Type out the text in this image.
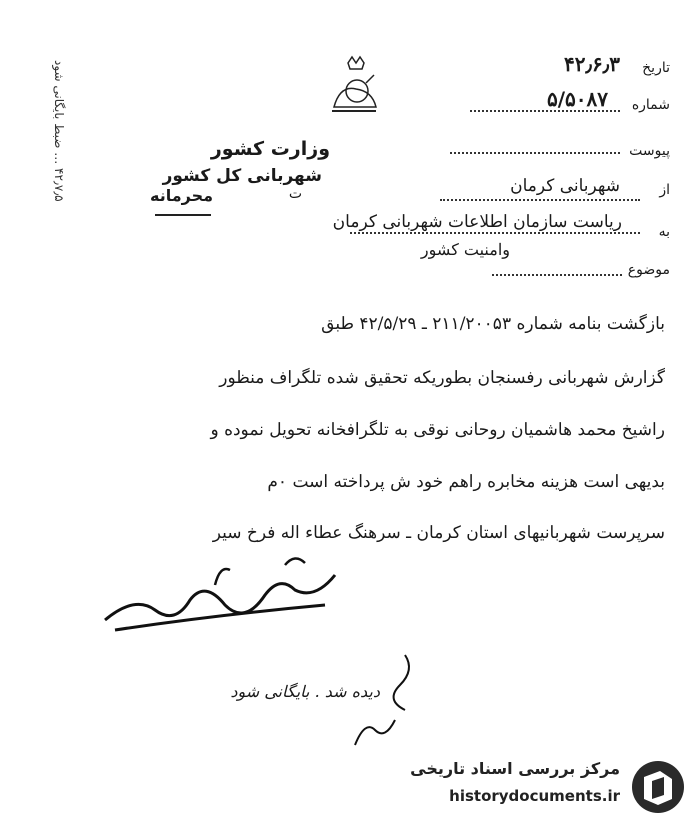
وزارت کشور
شهربانی کل کشور
ت
محرمانه
تاریخ
۴۲٫۶٫۳
شماره
۵/۵۰۸۷
پیوست
از
شهربانی کرمان
به
ریاست سازمان اطلاعات شهربانی کرمان
وامنیت کشور
موضوع
۴۲٫۷٫۵ … ضبط بایگانی شود
بازگشت بنامه شماره ۲۱۱/۲۰۰۵۳ ـ ۴۲/۵/۲۹ طبق
گزارش شهربانی رفسنجان بطوریکه تحقیق شده تلگراف منظور
راشیخ محمد هاشمیان روحانی نوقی به تلگرافخانه تحویل نموده و
بدیهی است هزینه مخابره راهم خود ش پرداخته است ۰م
سرپرست شهربانیهای استان کرمان ـ سرهنگ عطاء اله فرخ سیر
دیده شد . بایگانی شود
مرکز بررسی اسناد تاریخی
historydocuments.ir
